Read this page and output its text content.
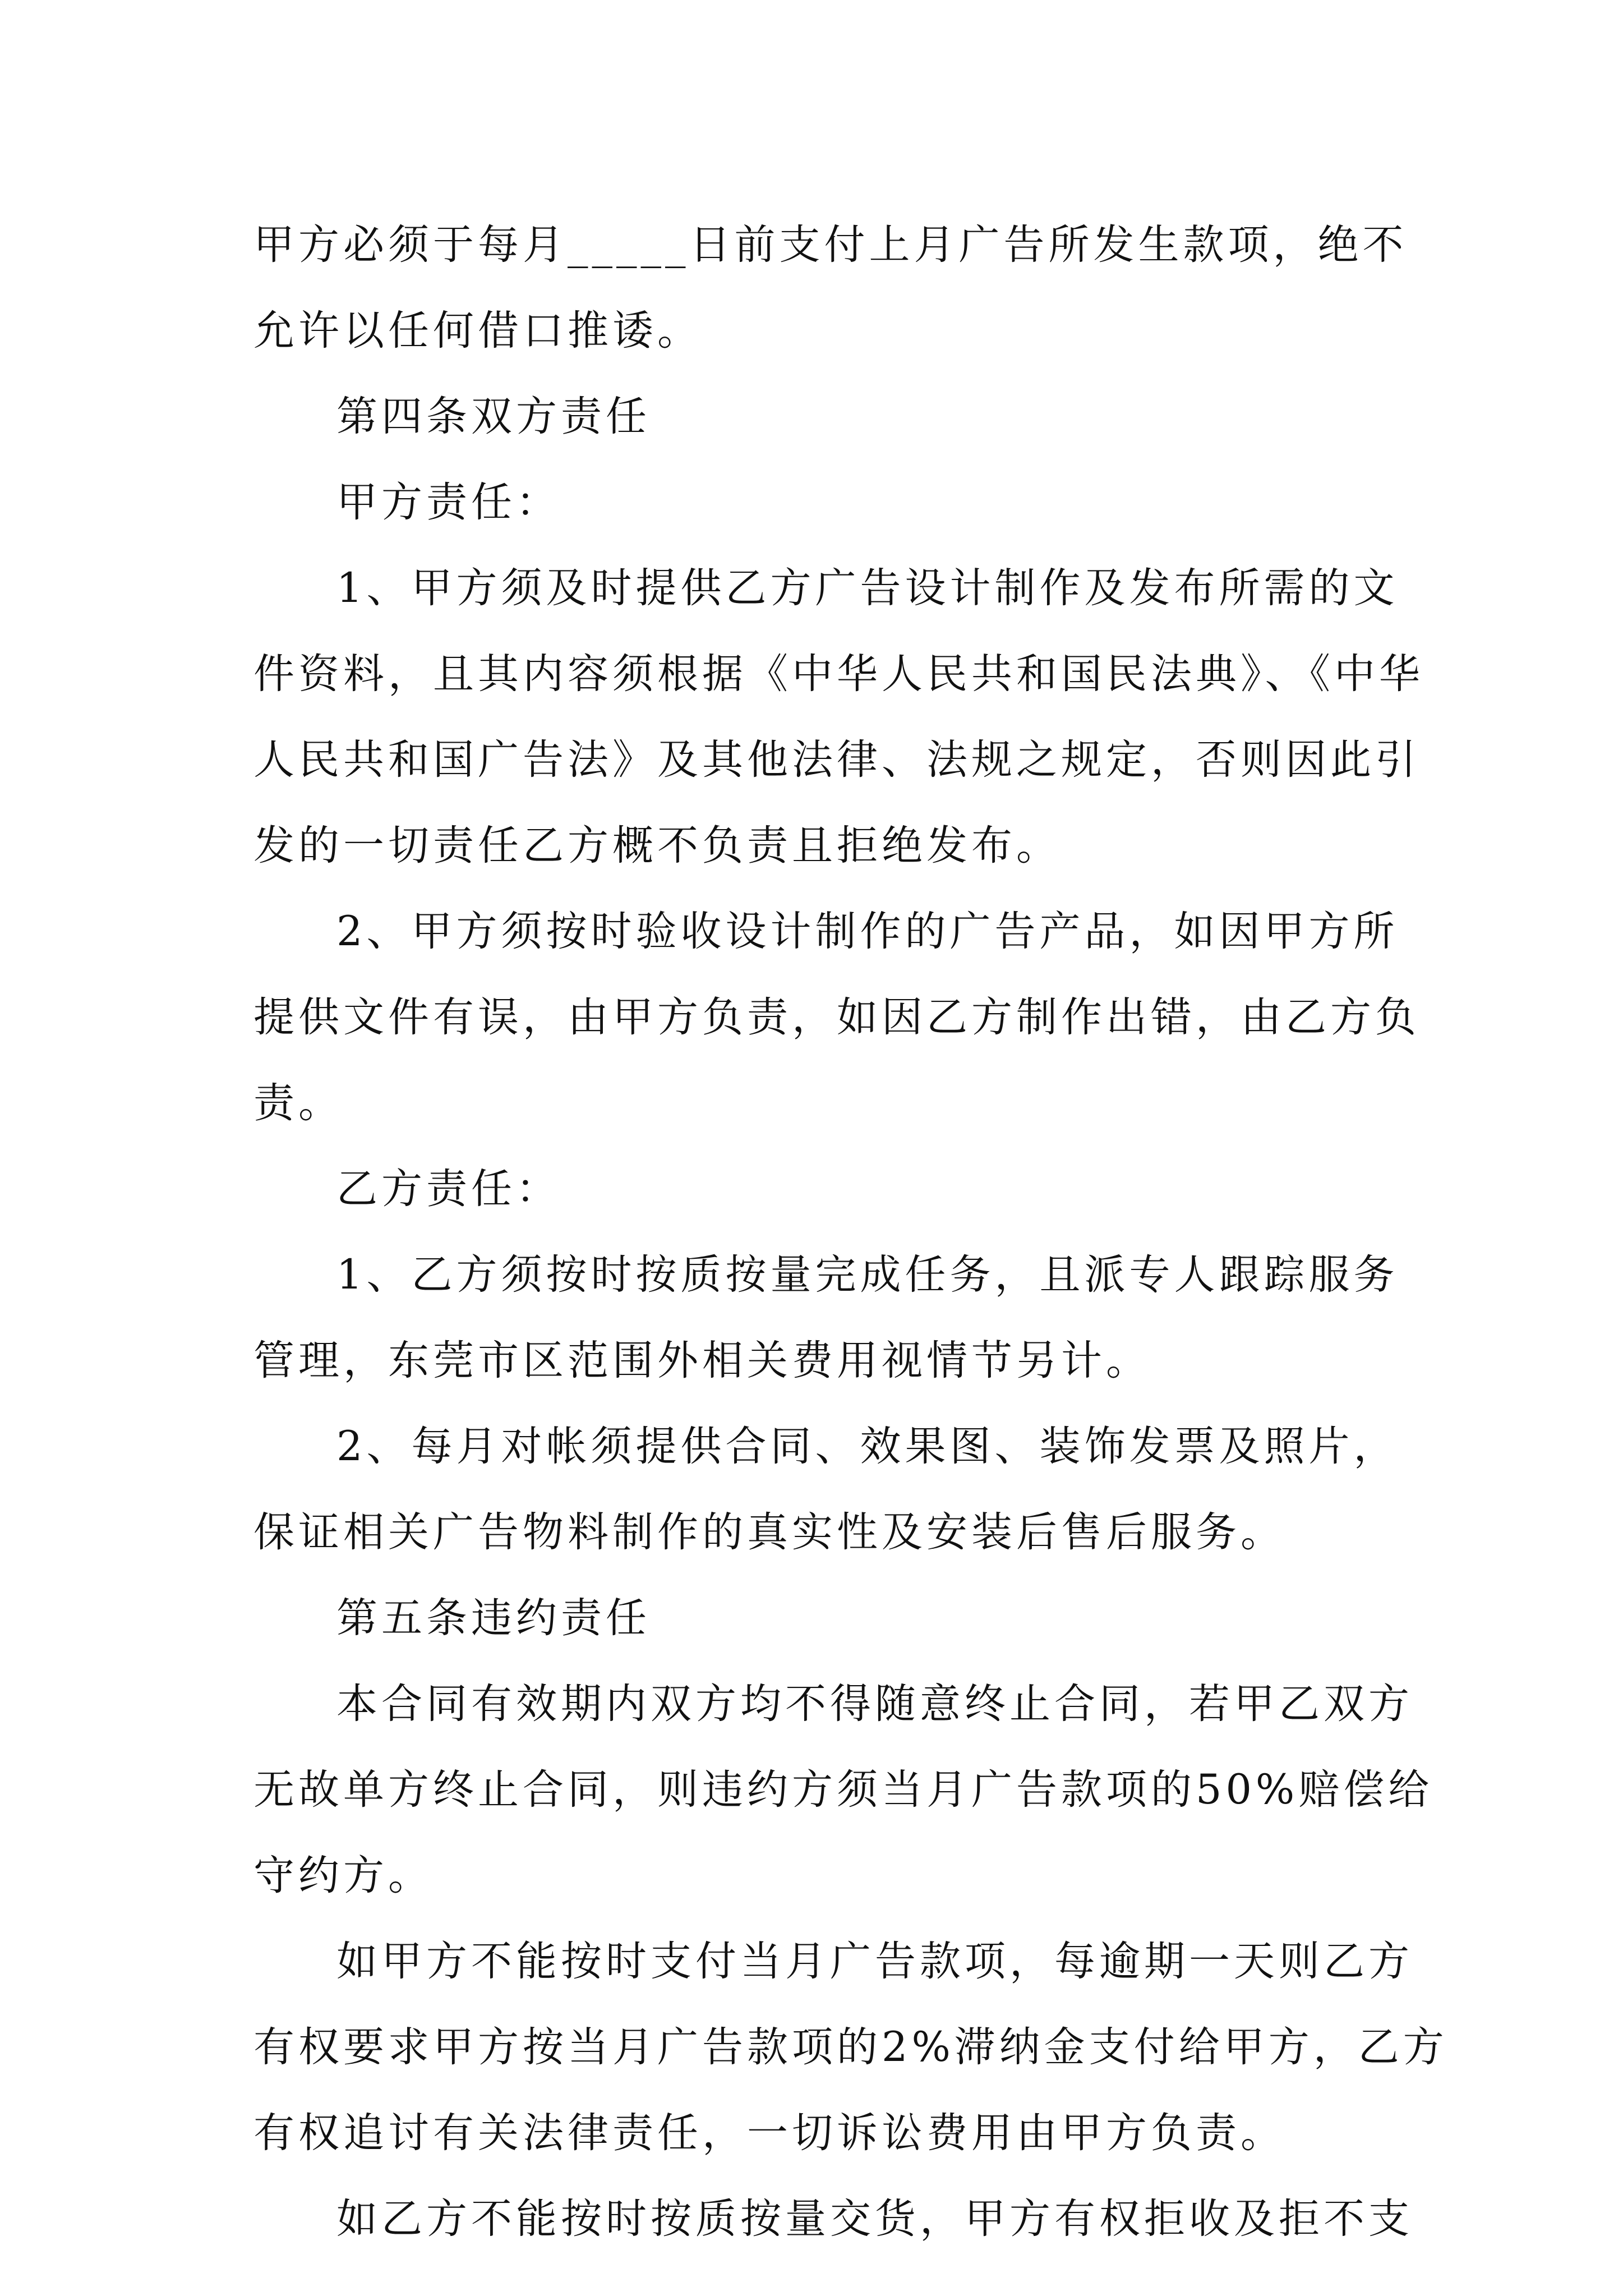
甲方必须于每月_____日前支付上月广告所发生款项，绝不
允许以任何借口推诿。
第四条双方责任
甲方责任：
1、甲方须及时提供乙方广告设计制作及发布所需的文
件资料，且其内容须根据《中华人民共和国民法典》、《中华
人民共和国广告法》及其他法律、法规之规定，否则因此引
发的一切责任乙方概不负责且拒绝发布。
2、甲方须按时验收设计制作的广告产品，如因甲方所
提供文件有误，由甲方负责，如因乙方制作出错，由乙方负
责。
乙方责任：
1、乙方须按时按质按量完成任务，且派专人跟踪服务
管理，东莞市区范围外相关费用视情节另计。
2、每月对帐须提供合同、效果图、装饰发票及照片，
保证相关广告物料制作的真实性及安装后售后服务。
第五条违约责任
本合同有效期内双方均不得随意终止合同，若甲乙双方
无故单方终止合同，则违约方须当月广告款项的50%赔偿给
守约方。
如甲方不能按时支付当月广告款项，每逾期一天则乙方
有权要求甲方按当月广告款项的2%滞纳金支付给甲方，乙方
有权追讨有关法律责任，一切诉讼费用由甲方负责。
如乙方不能按时按质按量交货，甲方有权拒收及拒不支
